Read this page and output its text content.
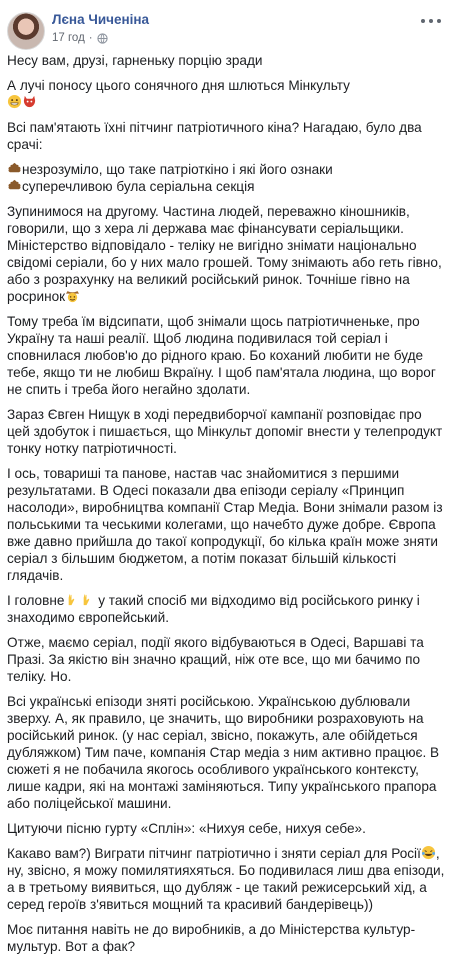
Лєна Чиченіна
17 год ·

Несу вам, друзі, гарненьку порцію зради

А лучі поносу цього сонячного дня шлються Мінкульту

Всі пам'ятають їхні пітчинг патріотичного кіна? Нагадаю, було два срачі:

незрозуміло, що таке патріоткіно і які його ознаки
суперечливою була серіальна секція

Зупинимося на другому. Частина людей, переважно кіношників, говорили, що з хера лі держава має фінансувати серіальщики. Міністерство відповідало - теліку не вигідно знімати національно свідомі серіали, бо у них мало грошей. Тому знімають або геть гівно, або з розрахунку на великий російський ринок. Точніше гівно на росринок

Тому треба їм відсипати, щоб знімали щось патріотичненьке, про Україну та наші реалії. Щоб людина подивилася той серіал і сповнилася любов'ю до рідного краю. Бо коханий любити не буде тебе, якщо ти не любиш Вкраїну. І щоб пам'ятала людина, що ворог не спить і треба його негайно здолати.

Зараз Євген Нищук в ході передвиборчої кампанії розповідає про цей здобуток і пишається, що Мінкульт допоміг внести у телепродукт тонку нотку патріотичності.

І ось, товариші та панове, настав час знайомитися з першими результатами. В Одесі показали два епізоди серіалу «Принцип насолоди», виробництва компанії Стар Медіа. Вони знімали разом із польськими та чеськими колегами, що начебто дуже добре. Європа вже давно прийшла до такої копродукції, бо кілька країн може зняти серіал з більшим бюджетом, а потім показат більшій кількості глядачів.

І головне у такий спосіб ми відходимо від російського ринку і знаходимо європейський.

Отже, маємо серіал, події якого відбуваються в Одесі, Варшаві та Празі. За якістю він значно кращий, ніж оте все, що ми бачимо по теліку. Но.

Всі українські епізоди зняті російською. Українською дублювали зверху. А, як правило, це значить, що виробники розраховують на російський ринок. (у нас серіал, звісно, покажуть, але обійдеться дубляжком) Тим паче, компанія Стар медіа з ним активно працює. В сюжеті я не побачила якогось особливого українського контексту, лише кадри, які на монтажі заміняються. Типу українського прапора або поліцейської машини.

Цитуючи пісню гурту «Сплін»: «Нихуя себе, нихуя себе».

Какаво вам?) Виграти пітчинг патріотично і зняти серіал для Росії , ну, звісно, я можу помилятияхяться. Бо подивилася лиш два епізоди, а в третьому виявиться, що дубляж - це такий режисерський хід, а серед героїв з'явиться мощний та красивий бандерівець))

Моє питання навіть не до виробників, а до Міністерства культур-мультур. Вот а фак?
